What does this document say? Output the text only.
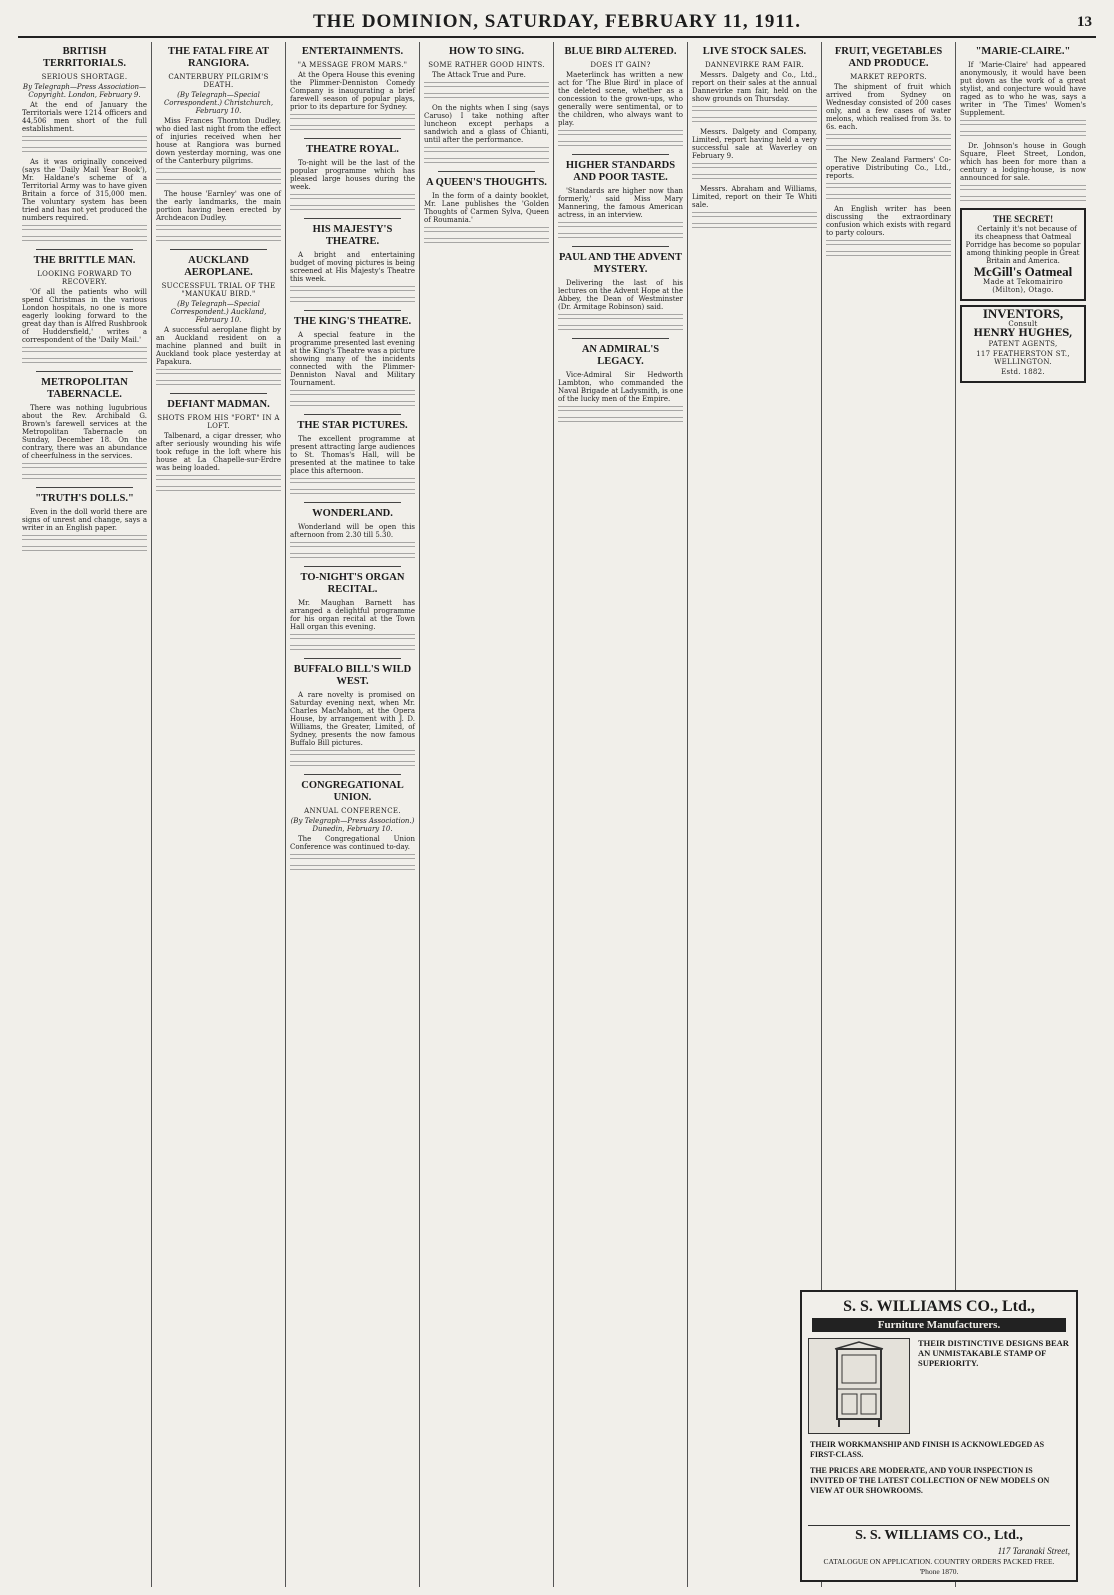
THE DOMINION, SATURDAY, FEBRUARY 11, 1911.	13
BRITISH TERRITORIALS.
SERIOUS SHORTAGE.
By Telegraph—Press Association—Copyright. London, February 9.

At the end of January the Territorials were 1214 officers and 44,506 men short of the full establishment.

As it was originally conceived (says the 'Daily Mail Year Book'), Mr. Haldane's scheme of a Territorial Army was to have given Britain a force of 315,000 men. The voluntary system has been tried and has not yet produced the numbers required.

THE BRITTLE MAN.
LOOKING FORWARD TO RECOVERY.

'Of all the patients who will spend Christmas in the various London hospitals, no one is more eagerly looking forward to the great day than is Alfred Rushbrook of Huddersfield,' writes a correspondent of the 'Daily Mail.'

METROPOLITAN TABERNACLE.

There was nothing lugubrious about the Rev. Archibald G. Brown's farewell services at the Metropolitan Tabernacle on Sunday, December 18. On the contrary, there was an abundance of cheerfulness in the services.

"TRUTH'S DOLLS."

Even in the doll world there are signs of unrest and change, says a writer in an English paper.

THE FATAL FIRE AT RANGIORA.
CANTERBURY PILGRIM'S DEATH.
(By Telegraph—Special Correspondent.) Christchurch, February 10.

Miss Frances Thornton Dudley, who died last night from the effect of injuries received when her house at Rangiora was burned down yesterday morning, was one of the Canterbury pilgrims.

The house 'Earnley' was one of the early landmarks, the main portion having been erected by Archdeacon Dudley.

AUCKLAND AEROPLANE.
SUCCESSFUL TRIAL OF THE "MANUKAU BIRD."
(By Telegraph—Special Correspondent.) Auckland, February 10.

A successful aeroplane flight by an Auckland resident on a machine planned and built in Auckland took place yesterday at Papakura.

DEFIANT MADMAN.
SHOTS FROM HIS "FORT" IN A LOFT.

Talbenard, a cigar dresser, who after seriously wounding his wife took refuge in the loft where his house at La Chapelle-sur-Erdre was being loaded.

ENTERTAINMENTS.
"A MESSAGE FROM MARS."

At the Opera House this evening the Plimmer-Denniston Comedy Company is inaugurating a brief farewell season of popular plays, prior to its departure for Sydney.

THEATRE ROYAL.

To-night will be the last of the popular programme which has pleased large houses during the week.

HIS MAJESTY'S THEATRE.

A bright and entertaining budget of moving pictures is being screened at His Majesty's Theatre this week.

THE KING'S THEATRE.

A special feature in the programme presented last evening at the King's Theatre was a picture showing many of the incidents connected with the Plimmer-Denniston Naval and Military Tournament.

THE STAR PICTURES.

The excellent programme at present attracting large audiences to St. Thomas's Hall, will be presented at the matinee to take place this afternoon.

WONDERLAND.

Wonderland will be open this afternoon from 2.30 till 5.30.

TO-NIGHT'S ORGAN RECITAL.

Mr. Maughan Barnett has arranged a delightful programme for his organ recital at the Town Hall organ this evening.

BUFFALO BILL'S WILD WEST.

A rare novelty is promised on Saturday evening next, when Mr. Charles MacMahon, at the Opera House, by arrangement with J. D. Williams, the Greater, Limited, of Sydney, presents the now famous Buffalo Bill pictures.

CONGREGATIONAL UNION.
ANNUAL CONFERENCE.
(By Telegraph—Press Association.) Dunedin, February 10.

The Congregational Union Conference was continued to-day.

HOW TO SING.
SOME RATHER GOOD HINTS.

The Attack True and Pure.

On the nights when I sing (says Caruso) I take nothing after luncheon except perhaps a sandwich and a glass of Chianti, until after the performance.

A QUEEN'S THOUGHTS.

In the form of a dainty booklet, Mr. Lane publishes the 'Golden Thoughts of Carmen Sylva, Queen of Roumania.'

BLUE BIRD ALTERED.
DOES IT GAIN?

Maeterlinck has written a new act for 'The Blue Bird' in place of the deleted scene, whether as a concession to the grown-ups, who generally were sentimental, or to the children, who always want to play.

HIGHER STANDARDS AND POOR TASTE.

'Standards are higher now than formerly,' said Miss Mary Mannering, the famous American actress, in an interview.

PAUL AND THE ADVENT MYSTERY.

Delivering the last of his lectures on the Advent Hope at the Abbey, the Dean of Westminster (Dr. Armitage Robinson) said.

AN ADMIRAL'S LEGACY.

Vice-Admiral Sir Hedworth Lambton, who commanded the Naval Brigade at Ladysmith, is one of the lucky men of the Empire.

LIVE STOCK SALES.
DANNEVIRKE RAM FAIR.

Messrs. Dalgety and Co., Ltd., report on their sales at the annual Dannevirke ram fair, held on the show grounds on Thursday.

Messrs. Dalgety and Company, Limited, report having held a very successful sale at Waverley on February 9.

Messrs. Abraham and Williams, Limited, report on their Te Whiti sale.

FRUIT, VEGETABLES AND PRODUCE.
MARKET REPORTS.

The shipment of fruit which arrived from Sydney on Wednesday consisted of 200 cases only, and a few cases of water melons, which realised from 3s. to 6s. each.

The New Zealand Farmers' Co-operative Distributing Co., Ltd., reports.

An English writer has been discussing the extraordinary confusion which exists with regard to party colours.

"MARIE-CLAIRE."

If 'Marie-Claire' had appeared anonymously, it would have been put down as the work of a great stylist, and conjecture would have raged as to who he was, says a writer in 'The Times' Women's Supplement.

Dr. Johnson's house in Gough Square, Fleet Street, London, which has been for more than a century a lodging-house, is now announced for sale.

THE SECRET!
Certainly it's not because of its cheapness that Oatmeal Porridge has become so popular among thinking people in Great Britain and America.
McGill's Oatmeal
Made at Tekomairiro (Milton), Otago.
INVENTORS,
Consult
HENRY HUGHES,
PATENT AGENTS,
117 FEATHERSTON ST., WELLINGTON.
Estd. 1882.
S. S. WILLIAMS CO., Ltd.,
Furniture Manufacturers.
THEIR DISTINCTIVE DESIGNS BEAR AN UNMISTAKABLE STAMP OF SUPERIORITY.
THEIR WORKMANSHIP AND FINISH IS ACKNOWLEDGED AS FIRST-CLASS.
THE PRICES ARE MODERATE, AND YOUR INSPECTION IS INVITED OF THE LATEST COLLECTION OF NEW MODELS ON VIEW AT OUR SHOWROOMS.
S. S. WILLIAMS CO., Ltd.,
117 Taranaki Street,
CATALOGUE ON APPLICATION. COUNTRY ORDERS PACKED FREE.
'Phone 1870.
